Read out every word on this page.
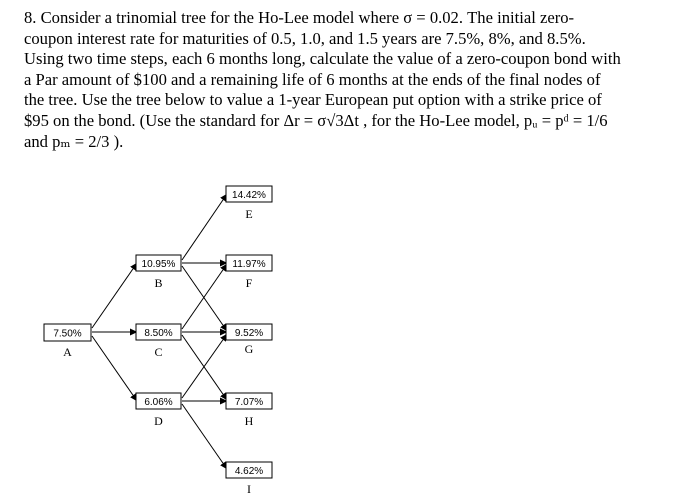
8. Consider a trinomial tree for the Ho-Lee model where σ = 0.02. The initial zero-
coupon interest rate for maturities of 0.5, 1.0, and 1.5 years are 7.5%, 8%, and 8.5%.
Using two time steps, each 6 months long, calculate the value of a zero-coupon bond with
a Par amount of $100 and a remaining life of 6 months at the ends of the final nodes of
the tree. Use the tree below to value a 1-year European put option with a strike price of
$95 on the bond. (Use the standard for Δr = σ√3Δt , for the Ho-Lee model, pᵤ = pᵈ = 1/6
and pₘ = 2/3 ).
7.50%
A
10.95%
B
8.50%
C
6.06%
D
14.42%
E
11.97%
F
9.52%
G
7.07%
H
4.62%
I
